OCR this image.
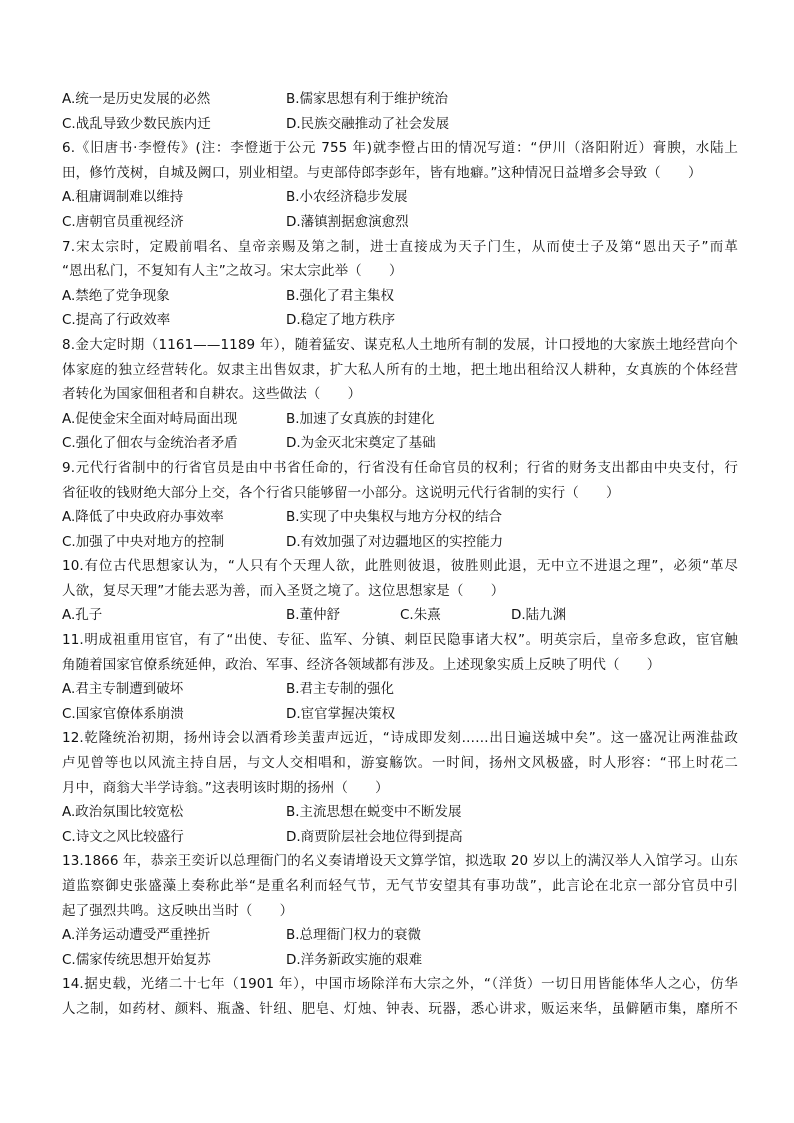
A.统一是历史发展的必然	B.儒家思想有利于维护统治
C.战乱导致少数民族内迁	D.民族交融推动了社会发展
6.《旧唐书·李憕传》(注：李憕逝于公元 755 年)就李憕占田的情况写道：“伊川（洛阳附近）膏腴，水陆上
田，修竹茂树，自城及阙口，别业相望。与吏部侍郎李彭年，皆有地癖。”这种情况日益增多会导致（　　）
A.租庸调制难以维持	B.小农经济稳步发展
C.唐朝官员重视经济	D.藩镇割据愈演愈烈
7.宋太宗时，定殿前唱名、皇帝亲赐及第之制，进士直接成为天子门生，从而使士子及第“恩出天子”而革
“恩出私门，不复知有人主”之故习。宋太宗此举（　　）
A.禁绝了党争现象	B.强化了君主集权
C.提高了行政效率	D.稳定了地方秩序
8.金大定时期（1161——1189 年），随着猛安、谋克私人土地所有制的发展，计口授地的大家族土地经营向个
体家庭的独立经营转化。奴隶主出售奴隶，扩大私人所有的土地，把土地出租给汉人耕种，女真族的个体经营
者转化为国家佃租者和自耕农。这些做法（　　）
A.促使金宋全面对峙局面出现	B.加速了女真族的封建化
C.强化了佃农与金统治者矛盾	D.为金灭北宋奠定了基础
9.元代行省制中的行省官员是由中书省任命的，行省没有任命官员的权利；行省的财务支出都由中央支付，行
省征收的钱财绝大部分上交，各个行省只能够留一小部分。这说明元代行省制的实行（　　）
A.降低了中央政府办事效率	B.实现了中央集权与地方分权的结合
C.加强了中央对地方的控制	D.有效加强了对边疆地区的实控能力
10.有位古代思想家认为，“人只有个天理人欲，此胜则彼退，彼胜则此退，无中立不进退之理”，必须“革尽
人欲，复尽天理”才能去恶为善，而入圣贤之境了。这位思想家是（　　）
A.孔子	B.董仲舒	C.朱熹	D.陆九渊
11.明成祖重用宦官，有了“出使、专征、监军、分镇、刺臣民隐事诸大权”。明英宗后，皇帝多怠政，宦官触
角随着国家官僚系统延伸，政治、军事、经济各领域都有涉及。上述现象实质上反映了明代（　　）
A.君主专制遭到破坏	B.君主专制的强化
C.国家官僚体系崩溃	D.宦官掌握决策权
12.乾隆统治初期，扬州诗会以酒肴珍美蜚声远近，“诗成即发刻……出日遍送城中矣”。这一盛况让两淮盐政
卢见曾等也以风流主持自居，与文人交相唱和，游宴觞饮。一时间，扬州文风极盛，时人形容：“邗上时花二
月中，商翁大半学诗翁。”这表明该时期的扬州（　　）
A.政治氛围比较宽松	B.主流思想在蜕变中不断发展
C.诗文之风比较盛行	D.商贾阶层社会地位得到提高
13.1866 年，恭亲王奕䜣以总理衙门的名义奏请增设天文算学馆，拟选取 20 岁以上的满汉举人入馆学习。山东
道监察御史张盛藻上奏称此举“是重名利而轻气节，无气节安望其有事功哉”，此言论在北京一部分官员中引
起了强烈共鸣。这反映出当时（　　）
A.洋务运动遭受严重挫折	B.总理衙门权力的衰微
C.儒家传统思想开始复苏	D.洋务新政实施的艰难
14.据史载，光绪二十七年（1901 年），中国市场除洋布大宗之外，“（洋货）一切日用皆能体华人之心，仿华
人之制，如药材、颜料、瓶盏、针纽、肥皂、灯烛、钟表、玩器，悉心讲求，贩运来华，虽僻陋市集，靡所不
